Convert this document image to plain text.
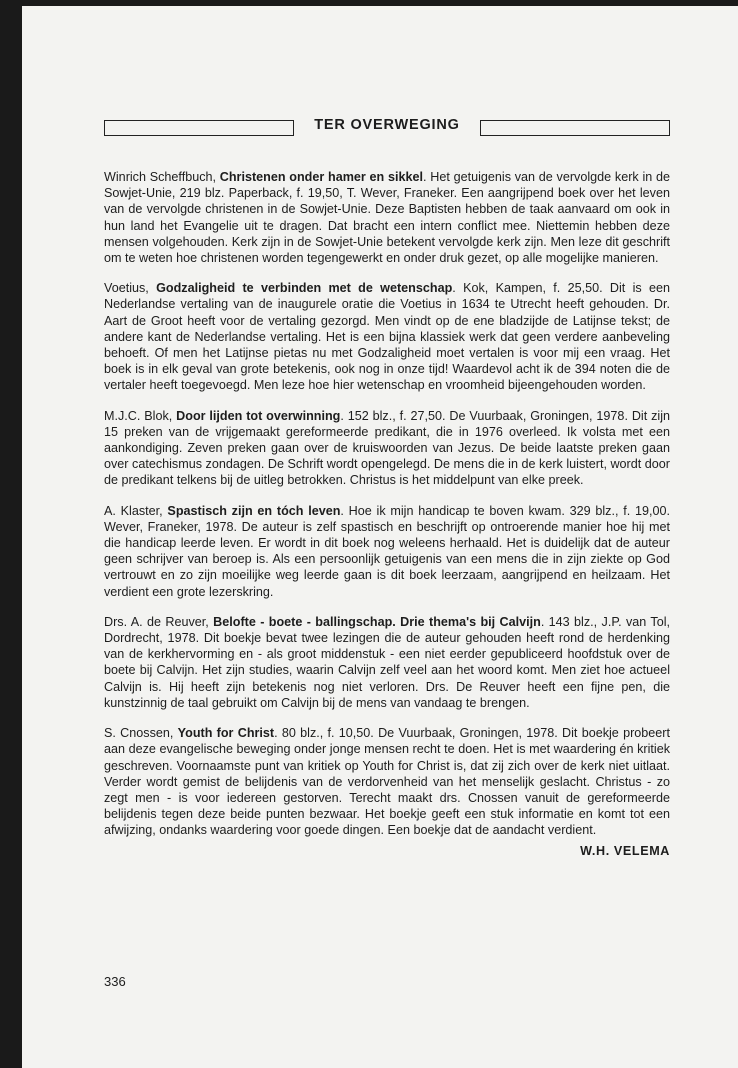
TER OVERWEGING

Winrich Scheffbuch, Christenen onder hamer en sikkel. Het getuigenis van de vervolgde kerk in de Sowjet-Unie, 219 blz. Paperback, f. 19,50, T. Wever, Franeker. Een aangrijpend boek over het leven van de vervolgde christenen in de Sowjet-Unie. Deze Baptisten hebben de taak aanvaard om ook in hun land het Evangelie uit te dragen. Dat bracht een intern conflict mee. Niettemin hebben deze mensen volgehouden. Kerk zijn in de Sowjet-Unie betekent vervolgde kerk zijn. Men leze dit geschrift om te weten hoe christenen worden tegengewerkt en onder druk gezet, op alle mogelijke manieren.

Voetius, Godzaligheid te verbinden met de wetenschap. Kok, Kampen, f. 25,50. Dit is een Nederlandse vertaling van de inaugurele oratie die Voetius in 1634 te Utrecht heeft gehouden. Dr. Aart de Groot heeft voor de vertaling gezorgd. Men vindt op de ene bladzijde de Latijnse tekst; de andere kant de Nederlandse vertaling. Het is een bijna klassiek werk dat geen verdere aanbeveling behoeft. Of men het Latijnse pietas nu met Godzaligheid moet vertalen is voor mij een vraag. Het boek is in elk geval van grote betekenis, ook nog in onze tijd! Waardevol acht ik de 394 noten die de vertaler heeft toegevoegd. Men leze hoe hier wetenschap en vroomheid bijeengehouden worden.

M.J.C. Blok, Door lijden tot overwinning. 152 blz., f. 27,50. De Vuurbaak, Groningen, 1978. Dit zijn 15 preken van de vrijgemaakt gereformeerde predikant, die in 1976 overleed. Ik volsta met een aankondiging. Zeven preken gaan over de kruiswoorden van Jezus. De beide laatste preken gaan over catechismus zondagen. De Schrift wordt opengelegd. De mens die in de kerk luistert, wordt door de predikant telkens bij de uitleg betrokken. Christus is het middelpunt van elke preek.

A. Klaster, Spastisch zijn en tóch leven. Hoe ik mijn handicap te boven kwam. 329 blz., f. 19,00. Wever, Franeker, 1978. De auteur is zelf spastisch en beschrijft op ontroerende manier hoe hij met die handicap leerde leven. Er wordt in dit boek nog weleens herhaald. Het is duidelijk dat de auteur geen schrijver van beroep is. Als een persoonlijk getuigenis van een mens die in zijn ziekte op God vertrouwt en zo zijn moeilijke weg leerde gaan is dit boek leerzaam, aangrijpend en heilzaam. Het verdient een grote lezerskring.

Drs. A. de Reuver, Belofte - boete - ballingschap. Drie thema's bij Calvijn. 143 blz., J.P. van Tol, Dordrecht, 1978. Dit boekje bevat twee lezingen die de auteur gehouden heeft rond de herdenking van de kerkhervorming en - als groot middenstuk - een niet eerder gepubliceerd hoofdstuk over de boete bij Calvijn. Het zijn studies, waarin Calvijn zelf veel aan het woord komt. Men ziet hoe actueel Calvijn is. Hij heeft zijn betekenis nog niet verloren. Drs. De Reuver heeft een fijne pen, die kunstzinnig de taal gebruikt om Calvijn bij de mens van vandaag te brengen.

S. Cnossen, Youth for Christ. 80 blz., f. 10,50. De Vuurbaak, Groningen, 1978. Dit boekje probeert aan deze evangelische beweging onder jonge mensen recht te doen. Het is met waardering én kritiek geschreven. Voornaamste punt van kritiek op Youth for Christ is, dat zij zich over de kerk niet uitlaat. Verder wordt gemist de belijdenis van de verdorvenheid van het menselijk geslacht. Christus - zo zegt men - is voor iedereen gestorven. Terecht maakt drs. Cnossen vanuit de gereformeerde belijdenis tegen deze beide punten bezwaar. Het boekje geeft een stuk informatie en komt tot een afwijzing, ondanks waardering voor goede dingen. Een boekje dat de aandacht verdient.

W.H. VELEMA
336
